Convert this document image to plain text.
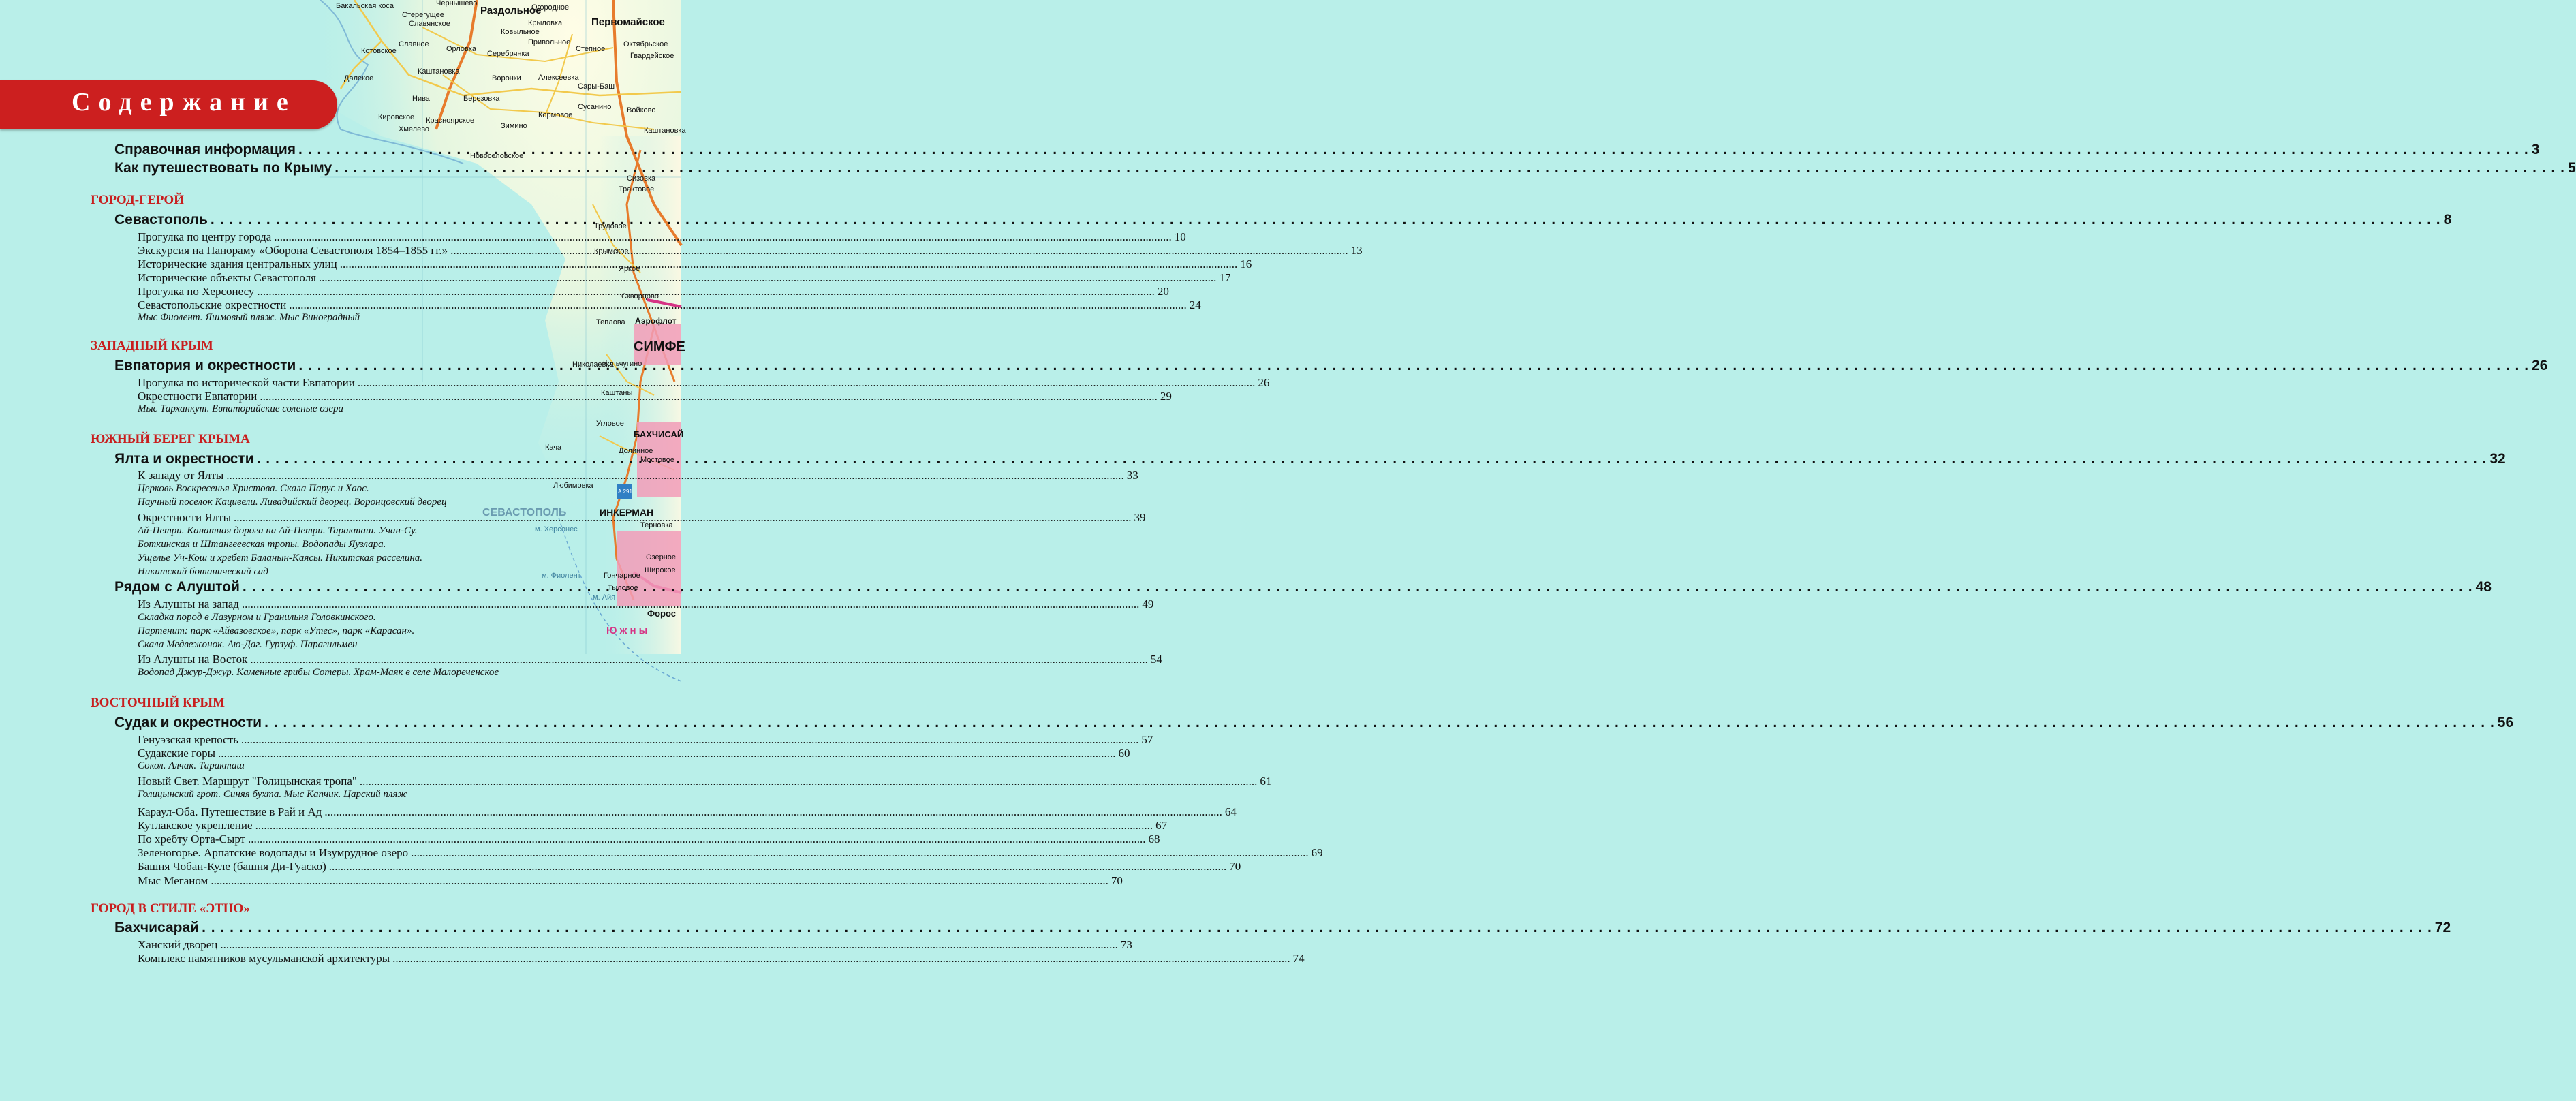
Бакальская коса
Стерегущее
Чернышево
Раздольное
Огородное
Славянское	Крыловка	Первомайское
Славное
Орловка
Ковыльное
Привольное	Октябрьское
Котовское	Серебрянка
Степное
Гвардейское
Далекое
Каштановка
Воронки Алексеевка
Сары-Баш
Нива	Березовка
Сусанино Войково
Кировское Красноярское
Хмелево	Зимино
Кормовое
Каштановка
Новоселовское
Сизовка
Трактовое
Трудовое
Крымское
Яркое
Скворцово
Аэрофлот
Теплова
СИМФЕ
Николаевка
Кольчугино
Каштаны
Угловое
Кача
БАХЧИСАЙ
Долинное
Мостовое
Любимовка
СЕВАСТОПОЛЬ	ИНКЕРМАН
Терновка
Озерное
Широкое
Гончарное
Тыловое
Форос
м. Херсонес
м. Фиолент
м. Айя
Ю ж н ы
А 291
Содержание
Справочная информация . . .	3
Как путешествовать по Крыму . . .	5
ГОРОД-ГЕРОЙ
Севастополь . . .	8
Прогулка по центру города .....	10
Экскурсия на Панораму «Оборона Севастополя 1854–1855 гг.» .....	13
Исторические здания центральных улиц .....	16
Исторические объекты Севастополя .....	17
Прогулка по Херсонесу .....	20
Севастопольские окрестности .....	24
Мыс Фиолент. Яшмовый пляж. Мыс Виноградный
ЗАПАДНЫЙ КРЫМ
Евпатория и окрестности . . .	26
Прогулка по исторической части Евпатории .....	26
Окрестности Евпатории .....	29
Мыс Тарханкут. Евпаторийские соленые озера
ЮЖНЫЙ БЕРЕГ КРЫМА
Ялта и окрестности . . .	32
К западу от Ялты .....	33
Церковь Воскресенья Христова. Скала Парус и Хаос.
Научный поселок Кацивели. Ливадийский дворец. Воронцовский дворец
Окрестности Ялты .....	39
Ай-Петри. Канатная дорога на Ай-Петри. Таракташ. Учан-Су.
Боткинская и Штангеевская тропы. Водопады Яузлара.
Ущелье Уч-Кош и хребет Баланын-Каясы. Никитская расселина.
Никитский ботанический сад
Рядом с Алуштой . . .	48
Из Алушты на запад .....	49
Складка пород в Лазурном и Гранильня Головкинского.
Партенит: парк «Айвазовское», парк «Утес», парк «Карасан».
Скала Медвежонок. Аю-Даг. Гурзуф. Парагильмен
Из Алушты на Восток .....	54
Водопад Джур-Джур. Каменные грибы Сотеры. Храм-Маяк в селе Малореченское
ВОСТОЧНЫЙ КРЫМ
Судак и окрестности . . .	56
Генуэзская крепость .....	57
Судакские горы .....	60
Сокол. Алчак. Таракташ
Новый Свет. Маршрут "Голицынская тропа" .....	61
Голицынский грот. Синяя бухта. Мыс Капчик. Царский пляж
Караул-Оба. Путешествие в Рай и Ад .....	64
Кутлакское укрепление .....	67
По хребту Орта-Сырт .....	68
Зеленогорье. Арпатские водопады и Изумрудное озеро .....	69
Башня Чобан-Куле (башня Ди-Гуаско) .....	70
Мыс Меганом .....	70
ГОРОД В СТИЛЕ «ЭТНО»
Бахчисарай . . .	72
Ханский дворец .....	73
Комплекс памятников мусульманской архитектуры .....	74
